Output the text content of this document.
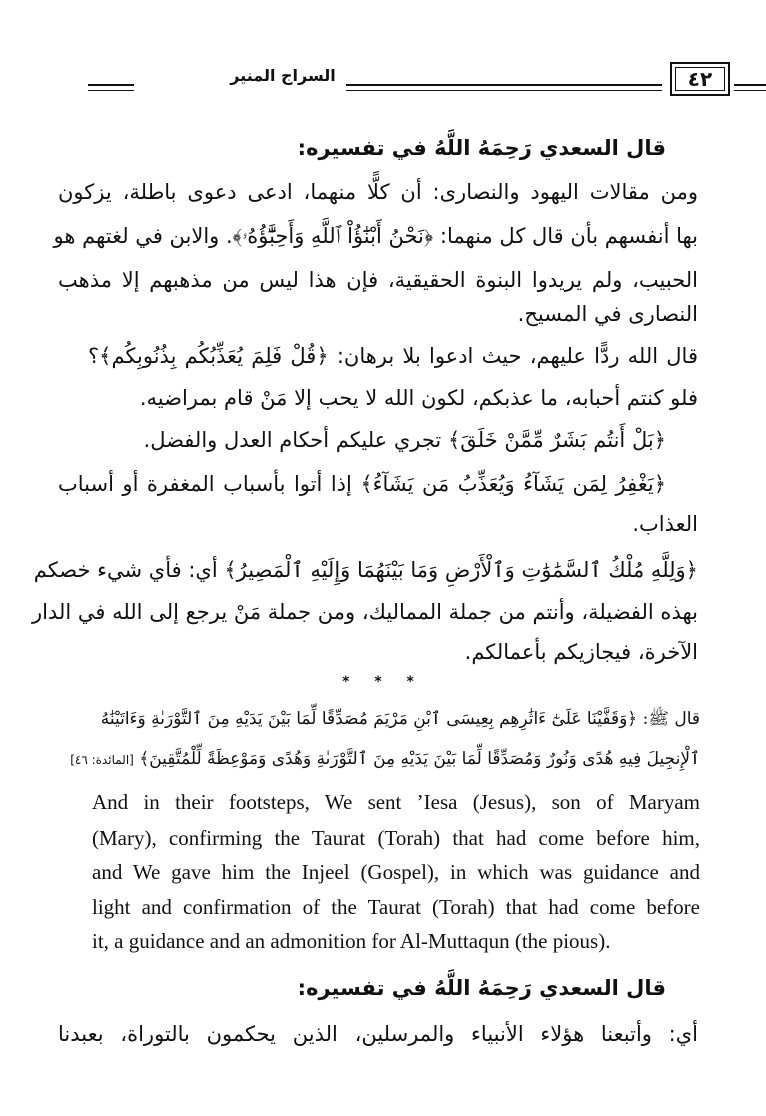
السراج المنير	٤٢
قال السعدي رَحِمَهُ اللَّهُ في تفسيره:
ومن مقالات اليهود والنصارى: أن كلًّا منهما، ادعى دعوى باطلة، يزكون
بها أنفسهم بأن قال كل منهما: ﴿نَحْنُ أَبْنَٰٓؤُاْ ٱللَّهِ وَأَحِبَّٰٓؤُهُۥ﴾. والابن في لغتهم هو
الحبيب، ولم يريدوا البنوة الحقيقية، فإن هذا ليس من مذهبهم إلا مذهب
النصارى في المسيح.
قال الله ردًّا عليهم، حيث ادعوا بلا برهان: ﴿قُلْ فَلِمَ يُعَذِّبُكُم بِذُنُوبِكُم﴾؟
فلو كنتم أحبابه، ما عذبكم، لكون الله لا يحب إلا مَنْ قام بمراضيه.
﴿بَلْ أَنتُم بَشَرٌ مِّمَّنْ خَلَقَ﴾ تجري عليكم أحكام العدل والفضل.
﴿يَغْفِرُ لِمَن يَشَآءُ وَيُعَذِّبُ مَن يَشَآءُ﴾ إذا أتوا بأسباب المغفرة أو أسباب
العذاب.
﴿وَلِلَّهِ مُلْكُ ٱلسَّمَٰوَٰتِ وَٱلْأَرْضِ وَمَا بَيْنَهُمَا وَإِلَيْهِ ٱلْمَصِيرُ﴾ أي: فأي شيء خصكم
بهذه الفضيلة، وأنتم من جملة المماليك، ومن جملة مَنْ يرجع إلى الله في الدار
الآخرة، فيجازيكم بأعمالكم.
* * *
قال ﷺ: ﴿وَقَفَّيْنَا عَلَىٰٓ ءَاثَٰرِهِم بِعِيسَى ٱبْنِ مَرْيَمَ مُصَدِّقًا لِّمَا بَيْنَ يَدَيْهِ مِنَ ٱلتَّوْرَىٰةِ وَءَاتَيْنَٰهُ
ٱلْإِنجِيلَ فِيهِ هُدًى وَنُورٌ وَمُصَدِّقًا لِّمَا بَيْنَ يَدَيْهِ مِنَ ٱلتَّوْرَىٰةِ وَهُدًى وَمَوْعِظَةً لِّلْمُتَّقِينَ﴾ [المائدة: ٤٦]
And in their footsteps, We sent ’Iesa (Jesus), son of Maryam
(Mary), confirming the Taurat (Torah) that had come before him,
and We gave him the Injeel (Gospel), in which was guidance and
light and confirmation of the Taurat (Torah) that had come before
it, a guidance and an admonition for Al-Muttaqun (the pious).
قال السعدي رَحِمَهُ اللَّهُ في تفسيره:
أي: وأتبعنا هؤلاء الأنبياء والمرسلين، الذين يحكمون بالتوراة، بعبدنا
